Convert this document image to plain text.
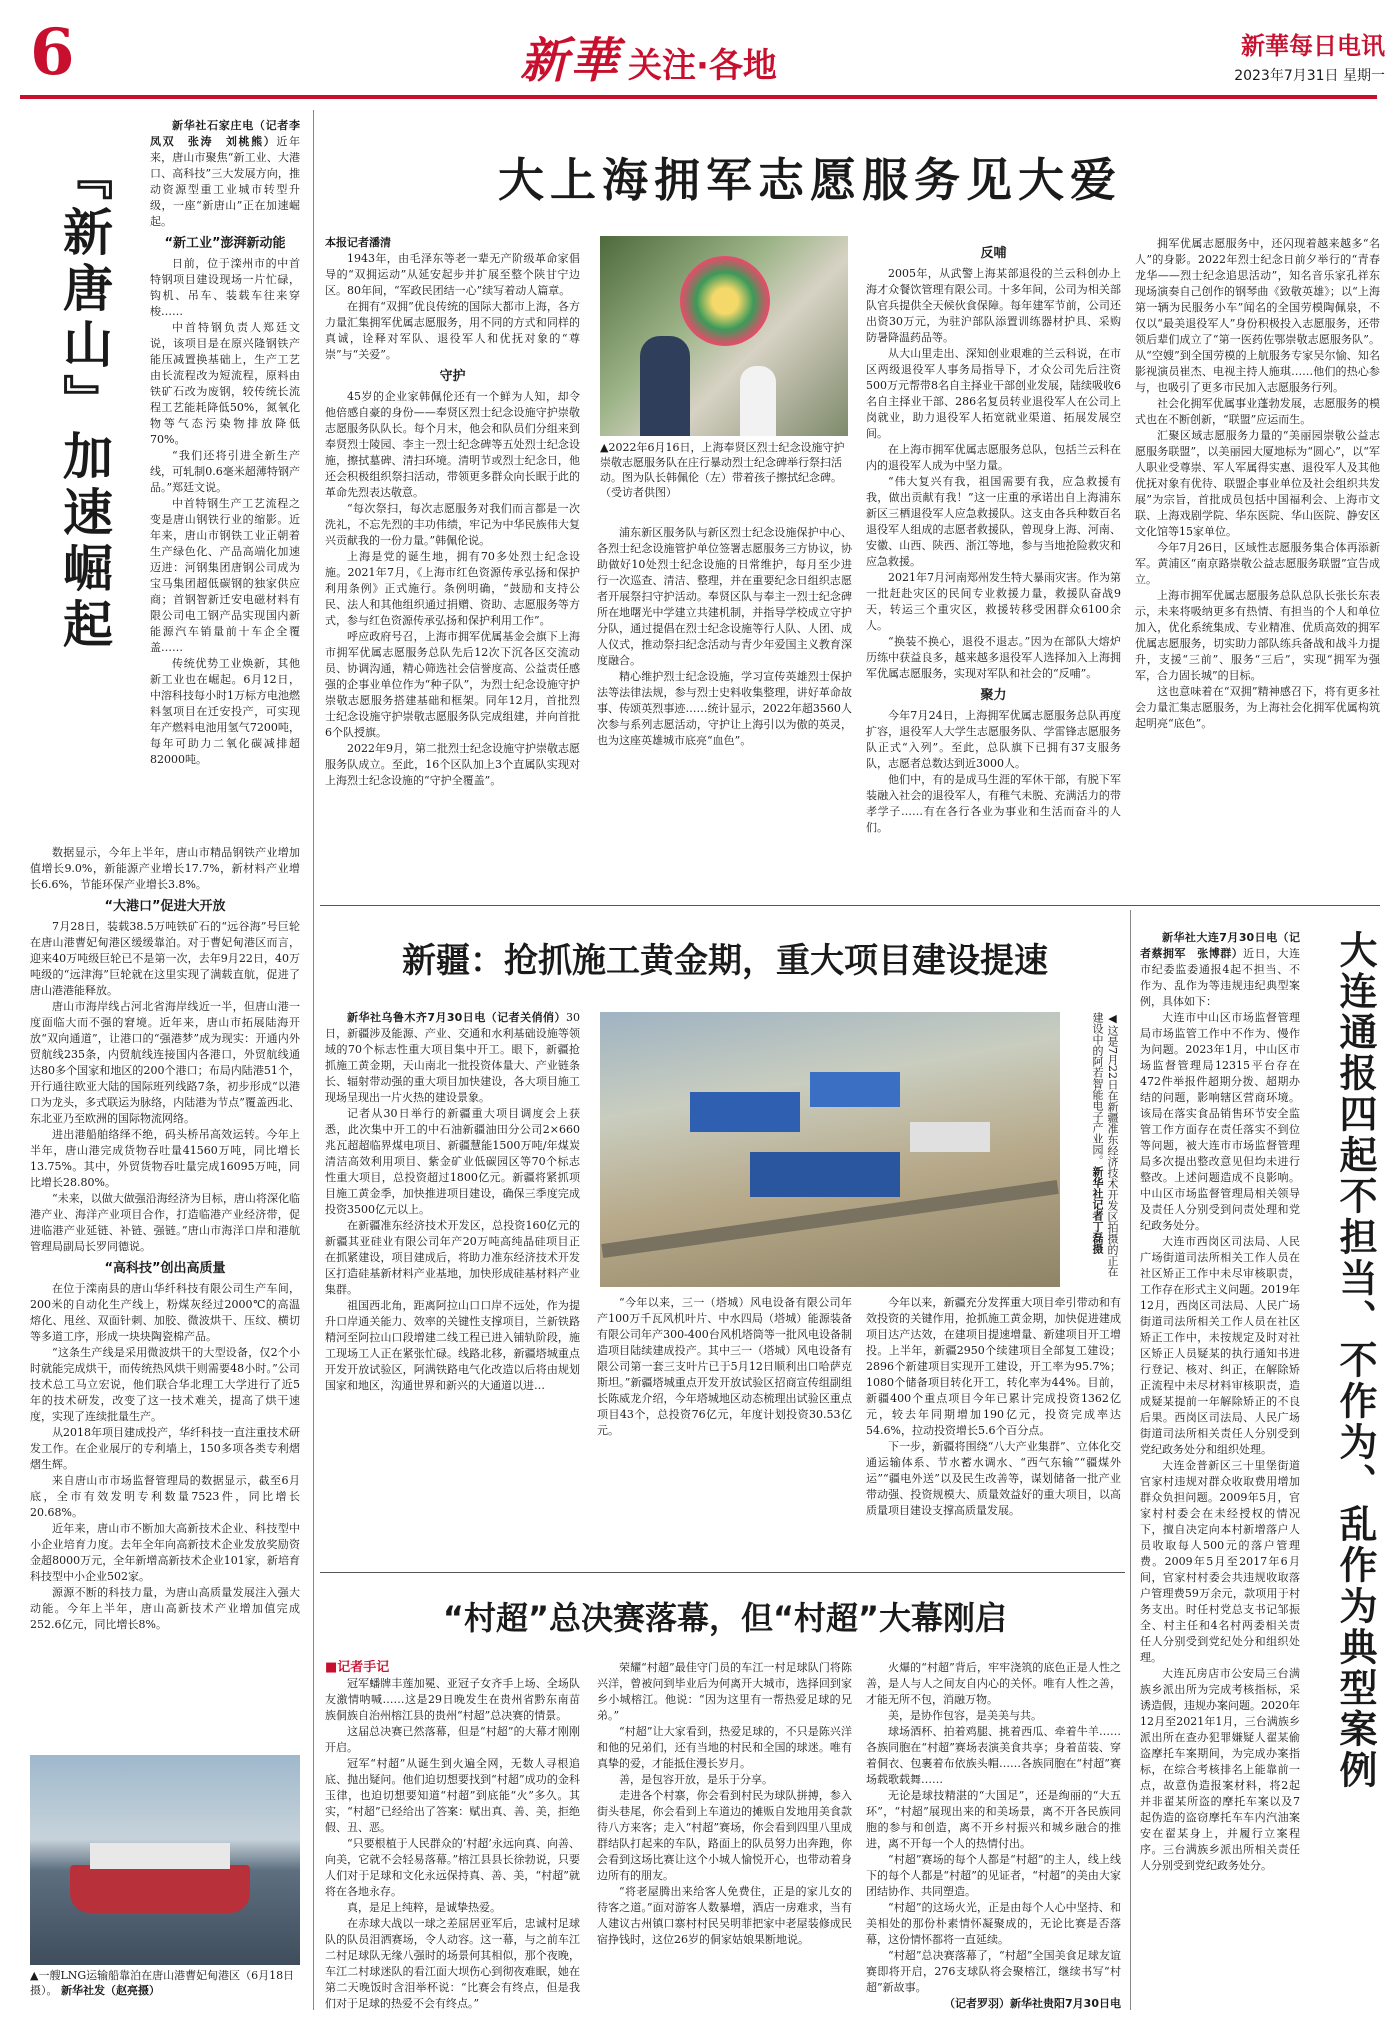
6	新華 关注·各地
新華每日电讯
2023年7月31日 星期一
『新唐山』加速崛起

新华社石家庄电（记者李凤双　张涛　刘桃熊）近年来，唐山市聚焦“新工业、大港口、高科技”三大发展方向，推动资源型重工业城市转型升级，一座“新唐山”正在加速崛起。

“新工业”澎湃新动能

日前，位于滦州市的中首特钢项目建设现场一片忙碌，钩机、吊车、装载车往来穿梭……

中首特钢负责人郑廷文说，该项目是在原兴隆钢铁产能压减置换基础上，生产工艺由长流程改为短流程，原料由铁矿石改为废钢，较传统长流程工艺能耗降低50%，氮氧化物等气态污染物排放降低70%。

“我们还将引进全新生产线，可轧制0.6毫米超薄特钢产品。”郑廷文说。

中首特钢生产工艺流程之变是唐山钢铁行业的缩影。近年来，唐山市钢铁工业正朝着生产绿色化、产品高端化加速迈进：河钢集团唐钢公司成为宝马集团超低碳钢的独家供应商；首钢智新迁安电磁材料有限公司电工钢产品实现国内新能源汽车销量前十车企全覆盖……

传统优势工业焕新，其他新工业也在崛起。6月12日，中溶科技每小时1万标方电池燃料氢项目在迁安投产，可实现年产燃料电池用氢气7200吨，每年可助力二氧化碳减排超82000吨。

数据显示，今年上半年，唐山市精品钢铁产业增加值增长9.0%，新能源产业增长17.7%，新材料产业增长6.6%，节能环保产业增长3.8%。

“大港口”促进大开放

7月28日，装载38.5万吨铁矿石的“远谷海”号巨轮在唐山港曹妃甸港区缓缓靠泊。对于曹妃甸港区而言，迎来40万吨级巨轮已不是第一次，去年9月22日，40万吨级的“远津海”巨轮就在这里实现了满载直航，促进了唐山港港能释放。

唐山市海岸线占河北省海岸线近一半，但唐山港一度面临大而不强的窘境。近年来，唐山市拓展陆海开放“双向通道”，让港口的“强港梦”成为现实：开通内外贸航线235条，内贸航线连接国内各港口，外贸航线通达80多个国家和地区的200个港口；布局内陆港51个，开行通往欧亚大陆的国际班列线路7条，初步形成“以港口为龙头，多式联运为脉络，内陆港为节点”覆盖西北、东北亚乃至欧洲的国际物流网络。

进出港船舶络绎不绝，码头桥吊高效运转。今年上半年，唐山港完成货物吞吐量41560万吨，同比增长13.75%。其中，外贸货物吞吐量完成16095万吨，同比增长28.80%。

“未来，以做大做强沿海经济为目标，唐山将深化临港产业、海洋产业项目合作，打造临港产业经济带，促进临港产业延链、补链、强链。”唐山市海洋口岸和港航管理局副局长罗同德说。

“高科技”创出高质量

在位于滦南县的唐山华纤科技有限公司生产车间，200米的自动化生产线上，粉煤灰经过2000℃的高温熔化、甩丝、双面针刺、加胶、微波烘干、压纹、横切等多道工序，形成一块块陶瓷棉产品。

“这条生产线是采用微波烘干的大型设备，仅2个小时就能完成烘干，而传统热风烘干则需要48小时。”公司技术总工马立宏说，他们联合华北理工大学进行了近5年的技术研发，改变了这一技术难关，提高了烘干速度，实现了连续批量生产。

从2018年项目建成投产，华纤科技一直注重技术研发工作。在企业展厅的专利墙上，150多项各类专利熠熠生辉。

来自唐山市市场监督管理局的数据显示，截至6月底，全市有效发明专利数量7523件，同比增长20.68%。

近年来，唐山市不断加大高新技术企业、科技型中小企业培育力度。去年全年向高新技术企业发放奖励资金超8000万元，全年新增高新技术企业101家，新培育科技型中小企业502家。

源源不断的科技力量，为唐山高质量发展注入强大动能。今年上半年，唐山高新技术产业增加值完成252.6亿元，同比增长8%。

▲一艘LNG运输船靠泊在唐山港曹妃甸港区（6月18日摄）。 新华社发（赵亮摄）
大上海拥军志愿服务见大爱

本报记者潘清

1943年，由毛泽东等老一辈无产阶级革命家倡导的“双拥运动”从延安起步并扩展至整个陕甘宁边区。80年间，“军政民团结一心”续写着动人篇章。

在拥有“双拥”优良传统的国际大都市上海，各方力量汇集拥军优属志愿服务，用不同的方式和同样的真诚，诠释对军队、退役军人和优抚对象的“尊崇”与“关爱”。

守护

45岁的企业家韩佩伦还有一个鲜为人知，却令他倍感自豪的身份——奉贤区烈士纪念设施守护崇敬志愿服务队队长。每个月末，他会和队员们分组来到奉贤烈士陵园、李主一烈士纪念碑等五处烈士纪念设施，擦拭墓碑、清扫环境。清明节或烈士纪念日，他还会积极组织祭扫活动，带领更多群众向长眠于此的革命先烈表达敬意。

“每次祭扫，每次志愿服务对我们而言都是一次洗礼，不忘先烈的丰功伟绩，牢记为中华民族伟大复兴贡献我的一份力量。”韩佩伦说。

上海是党的诞生地，拥有70多处烈士纪念设施。2021年7月，《上海市红色资源传承弘扬和保护利用条例》正式施行。条例明确，“鼓励和支持公民、法人和其他组织通过捐赠、资助、志愿服务等方式，参与红色资源传承弘扬和保护利用工作”。

呼应政府号召，上海市拥军优属基金会旗下上海市拥军优属志愿服务总队先后12次下沉各区交流动员、协调沟通，精心筛选社会信誉度高、公益责任感强的企事业单位作为“种子队”，为烈士纪念设施守护崇敬志愿服务搭建基础和框架。同年12月，首批烈士纪念设施守护崇敬志愿服务队完成组建，并向首批6个队授旗。

2022年9月，第二批烈士纪念设施守护崇敬志愿服务队成立。至此，16个区队加上3个直属队实现对上海烈士纪念设施的“守护全覆盖”。

▲2022年6月16日，上海奉贤区烈士纪念设施守护崇敬志愿服务队在庄行暴动烈士纪念碑举行祭扫活动。图为队长韩佩伦（左）带着孩子擦拭纪念碑。（受访者供图）

浦东新区服务队与新区烈士纪念设施保护中心、各烈士纪念设施管护单位签署志愿服务三方协议，协助做好10处烈士纪念设施的日常维护，每月至少进行一次巡查、清洁、整理，并在重要纪念日组织志愿者开展祭扫守护活动。奉贤区队与奉主一烈士纪念碑所在地曙光中学建立共建机制，并指导学校成立守护分队，通过提倡在烈士纪念设施等行人队、人团、成人仪式，推动祭扫纪念活动与青少年爱国主义教育深度融合。

精心维护烈士纪念设施，学习宣传英雄烈士保护法等法律法规，参与烈士史料收集整理，讲好革命故事、传颂英烈事迹……统计显示，2022年超3560人次参与系列志愿活动，守护让上海引以为傲的英灵，也为这座英雄城市底亮“血色”。

反哺

2005年，从武警上海某部退役的兰云科创办上海才众餐饮管理有限公司。十多年间，公司为相关部队官兵提供全天候伙食保障。每年建军节前，公司还出资30万元，为驻沪部队添置训练器材护具、采购防暑降温药品等。

从大山里走出、深知创业艰难的兰云科说，在市区两级退役军人事务局指导下，才众公司先后注资500万元帮带8名自主择业干部创业发展，陆续吸收6名自主择业干部、286名复员转业退役军人在公司上岗就业，助力退役军人拓宽就业渠道、拓展发展空间。

在上海市拥军优属志愿服务总队，包括兰云科在内的退役军人成为中坚力量。

“伟大复兴有我，祖国需要有我，应急救援有我，做出贡献有我！”这一庄重的承诺出自上海浦东新区三栖退役军人应急救援队。这支由各兵种数百名退役军人组成的志愿者救援队，曾现身上海、河南、安徽、山西、陕西、浙江等地，参与当地抢险救灾和应急救援。

2021年7月河南郑州发生特大暴雨灾害。作为第一批赶赴灾区的民间专业救援力量，救援队奋战9天，转运三个重灾区，救援转移受困群众6100余人。

“换装不换心，退役不退志。”因为在部队大熔炉历练中获益良多，越来越多退役军人选择加入上海拥军优属志愿服务，实现对军队和社会的“反哺”。

聚力

今年7月24日，上海拥军优属志愿服务总队再度扩容，退役军人大学生志愿服务队、学雷锋志愿服务队正式“入列”。至此，总队旗下已拥有37支服务队，志愿者总数达到近3000人。

他们中，有的是成马生涯的军休干部，有脱下军装融入社会的退役军人，有稚气未脱、充满活力的带孝学子……有在各行各业为事业和生活而奋斗的人们。

拥军优属志愿服务中，还闪现着越来越多“名人”的身影。2022年烈士纪念日前夕举行的“青春龙华——烈士纪念追思活动”，知名音乐家孔祥东现场演奏自己创作的钢琴曲《致敬英雄》；以“上海第一辆为民服务小车”闻名的全国劳模陶佩泉，不仅以“最美退役军人”身份积极投入志愿服务，还带领后辈们成立了“第一医药佐鄂崇敬志愿服务队”。从“空嫂”到全国劳模的上航服务专家吴尔愉、知名影视演员崔杰、电视主持人施琪……他们的热心参与，也吸引了更多市民加入志愿服务行列。

社会化拥军优属事业蓬勃发展，志愿服务的模式也在不断创新，“联盟”应运而生。

汇聚区域志愿服务力量的“美丽园崇敬公益志愿服务联盟”，以美丽园大厦地标为“圆心”，以“军人职业受尊崇、军人军属得实惠、退役军人及其他优抚对象有优待、联盟企事业单位及社会组织共发展”为宗旨，首批成员包括中国福利会、上海市文联、上海戏剧学院、华东医院、华山医院、静安区文化馆等15家单位。

今年7月26日，区域性志愿服务集合体再添新军。黄浦区“南京路崇敬公益志愿服务联盟”宣告成立。

上海市拥军优属志愿服务总队总队长张长东表示，未来将吸纳更多有热情、有担当的个人和单位加入，优化系统集成、专业精准、优质高效的拥军优属志愿服务，切实助力部队练兵备战和战斗力提升，支援“三前”、服务“三后”，实现“拥军为强军，合力固长城”的目标。

这也意味着在“双拥”精神感召下，将有更多社会力量汇集志愿服务，为上海社会化拥军优属构筑起明亮“底色”。

新疆：抢抓施工黄金期，重大项目建设提速

新华社乌鲁木齐7月30日电（记者关俏俏）30日，新疆涉及能源、产业、交通和水利基础设施等领域的70个标志性重大项目集中开工。眼下，新疆抢抓施工黄金期，天山南北一批投资体量大、产业链条长、辐射带动强的重大项目加快建设，各大项目施工现场呈现出一片火热的建设景象。

记者从30日举行的新疆重大项目调度会上获悉，此次集中开工的中石油新疆油田分公司2×660兆瓦超超临界煤电项目、新疆慧能1500万吨/年煤炭清洁高效利用项目、紫金矿业低碳园区等70个标志性重大项目，总投资超过1800亿元。新疆将紧抓项目施工黄金季，加快推进项目建设，确保三季度完成投资3500亿元以上。

在新疆准东经济技术开发区，总投资160亿元的新疆其亚硅业有限公司年产20万吨高纯晶硅项目正在抓紧建设，项目建成后，将助力准东经济技术开发区打造硅基新材料产业基地，加快形成硅基材料产业集群。

祖国西北角，距离阿拉山口口岸不远处，作为提升口岸通关能力、效率的关键性支撑项目，兰新铁路精河至阿拉山口段增建二线工程已进入铺轨阶段，施工现场工人正在紧张忙碌。线路北移，新疆塔城重点开发开放试验区，阿满铁路电气化改造以后将由规划国家和地区，沟通世界和新兴的大通道以进…

◀这是7月22日在新疆准东经济技术开发区拍摄的正在建设中的阿若智能电子产业园。新华社记者丁磊摄

“今年以来，三一（塔城）风电设备有限公司年产100万千瓦风机叶片、中水四局（塔城）能源装备有限公司年产300-400台风机塔筒等一批风电设备制造项目陆续建成投产。其中三一（塔城）风电设备有限公司第一套三支叶片已于5月12日顺利出口哈萨克斯坦。”新疆塔城重点开发开放试验区招商宣传组副组长陈威龙介绍，今年塔城地区动态梳理出试验区重点项目43个，总投资76亿元，年度计划投资30.53亿元。

今年以来，新疆充分发挥重大项目牵引带动和有效投资的关键作用，抢抓施工黄金期，加快促进建成项目达产达效，在建项目提速增量、新建项目开工增投。上半年，新疆2950个续建项目全部复工建设；2896个新建项目实现开工建设，开工率为95.7%；1080个储备项目转化开工，转化率为44%。目前，新疆400个重点项目今年已累计完成投资1362亿元，较去年同期增加190亿元，投资完成率达54.6%，拉动投资增长5.6个百分点。

下一步，新疆将围绕“八大产业集群”、立体化交通运输体系、节水蓄水调水、“西气东输”“疆煤外运”“疆电外送”以及民生改善等，谋划储备一批产业带动强、投资规模大、质量效益好的重大项目，以高质量项目建设支撑高质量发展。

“村超”总决赛落幕，但“村超”大幕刚启
■记者手记

冠军蟠牌丰莲加冕、亚冠子女齐手上场、全场队友激情呐喊……这是29日晚发生在贵州省黔东南苗族侗族自治州榕江县的贵州“村超”总决赛的情景。

这届总决赛已然落幕，但是“村超”的大幕才刚刚开启。

冠军“村超”从诞生到火遍全网，无数人寻根追底、抛出疑问。他们迫切想要找到“村超”成功的金科玉律，也迫切想要知道“村超”到底能“火”多久。其实，“村超”已经给出了答案：赋出真、善、美，拒绝假、丑、恶。

“只要根植于人民群众的‘村超’永远向真、向善、向美，它就不会轻易落幕。”榕江县县长徐勃说，只要人们对于足球和文化永远保持真、善、美，“村超”就将在各地永存。

真，是足上纯粹，是诚挚热爱。

在赤球大战以一球之差屈居亚军后，忠诚村足球队的队员泪洒赛场，令人动容。这一幕，与之前车江二村足球队无缘八强时的场景何其相似，那个夜晚，车江二村球迷队的看江面大坝伤心到彻夜难眠，她在第二天晚饭时含泪举杯说：“比赛会有终点，但是我们对于足球的热爱不会有终点。”

荣耀“村超”最佳守门员的车江一村足球队门将陈兴洋，曾被问到毕业后为何离开大城市，选择回到家乡小城榕江。他说：“因为这里有一帮热爱足球的兄弟。”

“村超”让大家看到，热爱足球的，不只是陈兴洋和他的兄弟们，还有当地的村民和全国的球迷。唯有真挚的爱，才能抵住漫长岁月。

善，是包容开放，是乐于分享。

走进各个村寨，你会看到村民为球队拼搏，参入街头巷尾，你会看到上车道边的摊贩自发地用美食款待八方来客；走入“村超”赛场，你会看到四里八里成群结队打起来的车队，路面上的队员努力出奔跑，你会看到这场比赛让这个小城人愉悦开心，也带动着身边所有的朋友。

“将老屋腾出来给客人免费住，正是的家儿女的待客之道。”面对游客人数暴增，酒店一房难求，当有人建议古州镇口寨村村民吴明菲把家中老屋装修成民宿挣钱时，这位26岁的侗家姑娘果断地说。

火爆的“村超”背后，牢牢浇筑的底色正是人性之善，是人与人之间友自内心的关怀。唯有人性之善，才能无所不包，消融万物。

美，是协作包容，是美美与共。

球场酒杯、拍着鸡腿、挑着西瓜、牵着牛羊……各族同胞在“村超”赛场表演美食共享；身着苗装、穿着侗衣、包裹着布依族头帽……各族同胞在“村超”赛场载歌载舞……

无论是球技精湛的“大国足”，还是绚丽的“大五环”，“村超”展现出来的和美场景，离不开各民族同胞的参与和创造，离不开乡村振兴和城乡融合的推进，离不开每一个人的热情付出。

“村超”赛场的每个人都是“村超”的主人，线上线下的每个人都是“村超”的见证者，“村超”的美由大家团结协作、共同塑造。

“村超”的这场火光，正是由每个人心中坚持、和美相处的那份朴素情怀凝聚成的，无论比赛是否落幕，这份情怀都将一直延续。

“村超”总决赛落幕了，“村超”全国美食足球友谊赛即将开启，276支球队将会聚榕江，继续书写“村超”新故事。

（记者罗羽）新华社贵阳7月30日电

大连通报四起不担当、不作为、乱作为典型案例

新华社大连7月30日电（记者蔡拥军　张博群）近日，大连市纪委监委通报4起不担当、不作为、乱作为等违规违纪典型案例，具体如下：

大连市中山区市场监督管理局市场监管工作中不作为、慢作为问题。2023年1月，中山区市场监督管理局12315平台存在472件举报件超期分拨、超期办结的问题，影响辖区营商环境。该局在落实食品销售环节安全监管工作方面存在责任落实不到位等问题，被大连市市场监督管理局多次提出整改意见但均未进行整改。上述问题造成不良影响。中山区市场监督管理局相关领导及责任人分别受到问责处理和党纪政务处分。

大连市西岗区司法局、人民广场街道司法所相关工作人员在社区矫正工作中未尽审核职责，工作存在形式主义问题。2019年12月，西岗区司法局、人民广场街道司法所相关工作人员在社区矫正工作中，未按规定及时对社区矫正人员疑某的执行通知书进行登记、核对、纠正，在解除矫正流程中未尽材料审核职责，造成疑某提前一年解除矫正的不良后果。西岗区司法局、人民广场街道司法所相关责任人分别受到党纪政务处分和组织处理。

大连金普新区三十里堡街道官家村违规对群众收取费用增加群众负担问题。2009年5月，官家村村委会在未经授权的情况下，擅自决定向本村新增落户人员收取每人500元的落户管理费。2009年5月至2017年6月间，官家村村委会共违规收取落户管理费59万余元，款项用于村务支出。时任村党总支书记邹振全、村主任和4名村两委相关责任人分别受到党纪处分和组织处理。

大连瓦房店市公安局三台满族乡派出所为完成考核指标，采诱造假，违规办案问题。2020年12月至2021年1月，三台满族乡派出所在查办犯罪嫌疑人翟某偷盗摩托车案期间，为完成办案指标，在综合考核排名上能靠前一点，故意伪造报案材料，将2起并非翟某所盗的摩托车案以及7起伪造的盗窃摩托车车内汽油案安在翟某身上，并履行立案程序。三台满族乡派出所相关责任人分别受到党纪政务处分。
